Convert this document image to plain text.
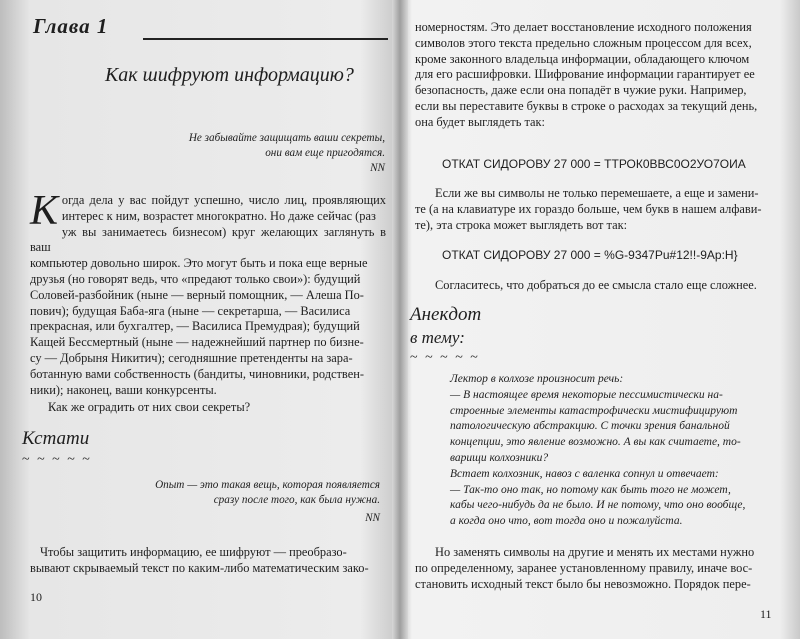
Глава 1
Как шифруют информацию?
Не забывайте защищать ваши секреты,
они вам еще пригодятся.
NN
К огда дела у вас пойдут успешно, число лиц, проявляющих интерес к ним, возрастет многократно. Но даже сейчас (раз
уж вы занимаетесь бизнесом) круг желающих заглянуть в ваш
компьютер довольно широк. Это могут быть и пока еще верные
друзья (но говорят ведь, что «предают только свои»): будущий
Соловей-разбойник (ныне — верный помощник, — Алеша По-
пович); будущая Баба-яга (ныне — секретарша, — Василиса
прекрасная, или бухгалтер, — Василиса Премудрая); будущий
Кащей Бессмертный (ныне — надежнейший партнер по бизне-
су — Добрыня Никитич); сегодняшние претенденты на зара-
ботанную вами собственность (бандиты, чиновники, родствен-
ники); наконец, ваши конкурсенты.
Как же оградить от них свои секреты?
Кстати
~ ~ ~ ~ ~
Опыт — это такая вещь, которая появляется
сразу после того, как была нужна.
NN
Чтобы защитить информацию, ее шифруют — преобразо-
вывают скрываемый текст по каким-либо математическим зако-
10
номерностям. Это делает восстановление исходного положения
символов этого текста предельно сложным процессом для всех,
кроме законного владельца информации, обладающего ключом
для его расшифровки. Шифрование информации гарантирует ее
безопасность, даже если она попадёт в чужие руки. Например,
если вы переставите буквы в строке о расходах за текущий день,
она будет выглядеть так:
ОТКАТ СИДОРОВУ 27 000 = ТТРОК0ВВС0О2УО7ОИА
Если же вы символы не только перемешаете, а еще и замени-
те (а на клавиатуре их гораздо больше, чем букв в нашем алфави-
те), эта строка может выглядеть вот так:
ОТКАТ СИДОРОВУ 27 000 = %G-9347Pu#12!!-9Ap:H}
Согласитесь, что добраться до ее смысла стало еще сложнее.
Анекдот
в тему:
~ ~ ~ ~ ~
Лектор в колхозе произносит речь:
— В настоящее время некоторые пессимистически на-
строенные элементы катастрофически мистифицируют
патологическую абстракцию. С точки зрения банальной
концепции, это явление возможно. А вы как считаете, то-
варищи колхозники?
Встает колхозник, навоз с валенка сопнул и отвечает:
— Так-то оно так, но потому как быть того не может,
кабы чего-нибудь да не было. И не потому, что оно вообще,
а когда оно что, вот тогда оно и пожалуйста.
Но заменять символы на другие и менять их местами нужно
по определенному, заранее установленному правилу, иначе вос-
становить исходный текст было бы невозможно. Порядок пере-
11
